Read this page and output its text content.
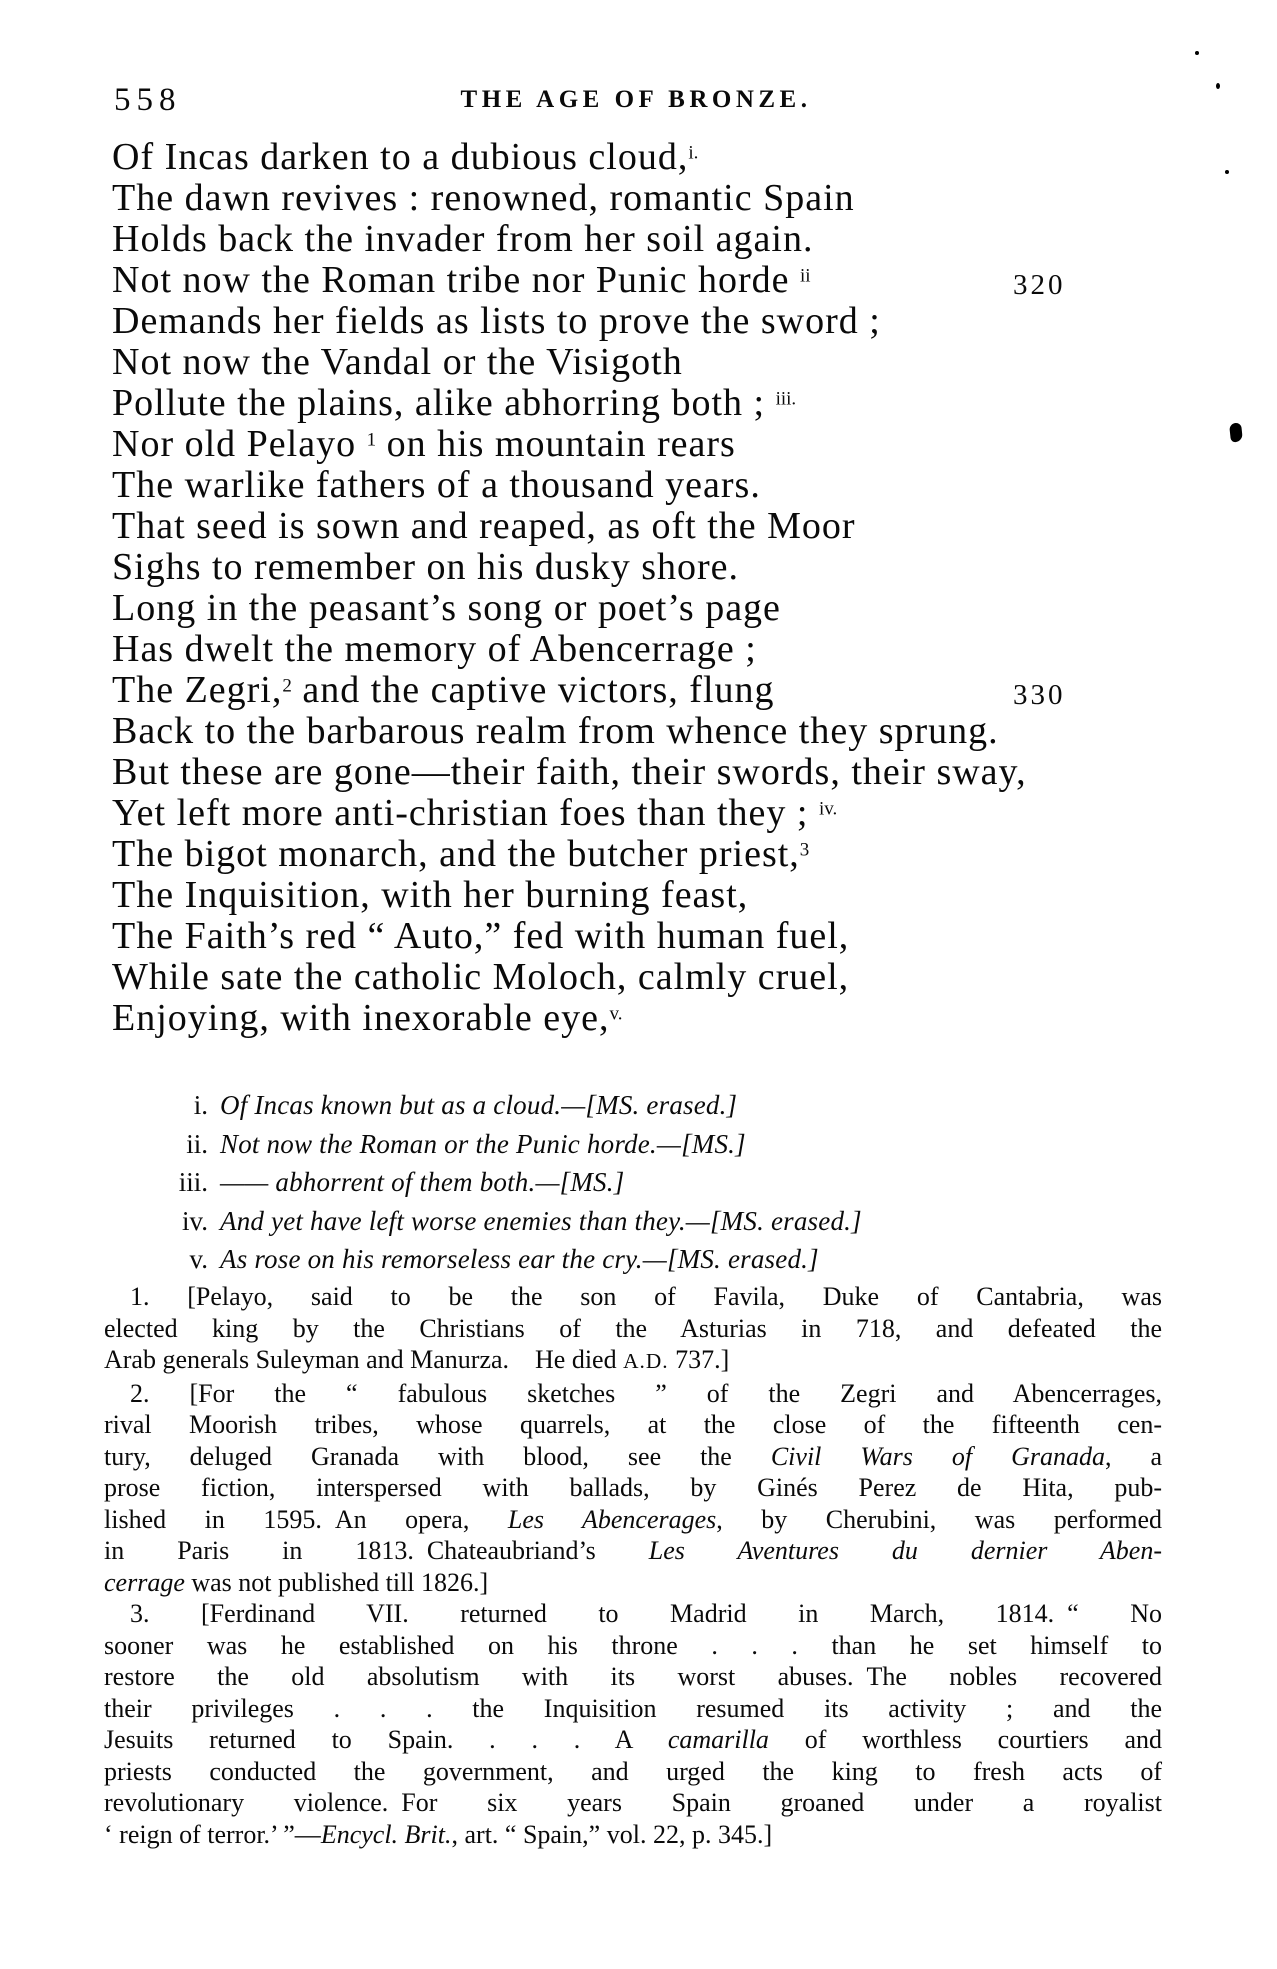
558	THE AGE OF BRONZE.
Of Incas darken to a dubious cloud,$^{i.}$
The dawn revives : renowned, romantic Spain
Holds back the invader from her soil again.
Not now the Roman tribe nor Punic horde $^{ii}$	320
Demands her fields as lists to prove the sword ;
Not now the Vandal or the Visigoth
Pollute the plains, alike abhorring both ; $^{iii.}$
Nor old Pelayo $^1$ on his mountain rears
The warlike fathers of a thousand years.
That seed is sown and reaped, as oft the Moor
Sighs to remember on his dusky shore.
Long in the peasant’s song or poet’s page
Has dwelt the memory of Abencerrage ;
The Zegri,$^2$ and the captive victors, flung	330
Back to the barbarous realm from whence they sprung.
But these are gone—their faith, their swords, their sway,
Yet left more anti-christian foes than they ; $^{iv.}$
The bigot monarch, and the butcher priest,$^3$
The Inquisition, with her burning feast,
The Faith’s red “ Auto,” fed with human fuel,
While sate the catholic Moloch, calmly cruel,
Enjoying, with inexorable eye,$^{v.}$
i. Of Incas known but as a cloud.—[MS. erased.]
ii. Not now the Roman or the Punic horde.—[MS.]
iii. —— abhorrent of them both.—[MS.]
iv. And yet have left worse enemies than they.—[MS. erased.]
v. As rose on his remorseless ear the cry.—[MS. erased.]
1. [Pelayo, said to be the son of Favila, Duke of Cantabria, was
elected king by the Christians of the Asturias in 718, and defeated the
Arab generals Suleyman and Manurza. He died A.D. 737.]
2. [For the “ fabulous sketches ” of the Zegri and Abencerrages,
rival Moorish tribes, whose quarrels, at the close of the fifteenth cen-
tury, deluged Granada with blood, see the Civil Wars of Granada, a
prose fiction, interspersed with ballads, by Ginés Perez de Hita, pub-
lished in 1595. An opera, Les Abencerages, by Cherubini, was performed
in Paris in 1813. Chateaubriand’s Les Aventures du dernier Aben-
cerrage was not published till 1826.]
3. [Ferdinand VII. returned to Madrid in March, 1814. “ No
sooner was he established on his throne . . . than he set himself to
restore the old absolutism with its worst abuses. The nobles recovered
their privileges . . . the Inquisition resumed its activity ; and the
Jesuits returned to Spain. . . . A camarilla of worthless courtiers and
priests conducted the government, and urged the king to fresh acts of
revolutionary violence. For six years Spain groaned under a royalist
‘ reign of terror.’ ”—Encycl. Brit., art. “ Spain,” vol. 22, p. 345.]
